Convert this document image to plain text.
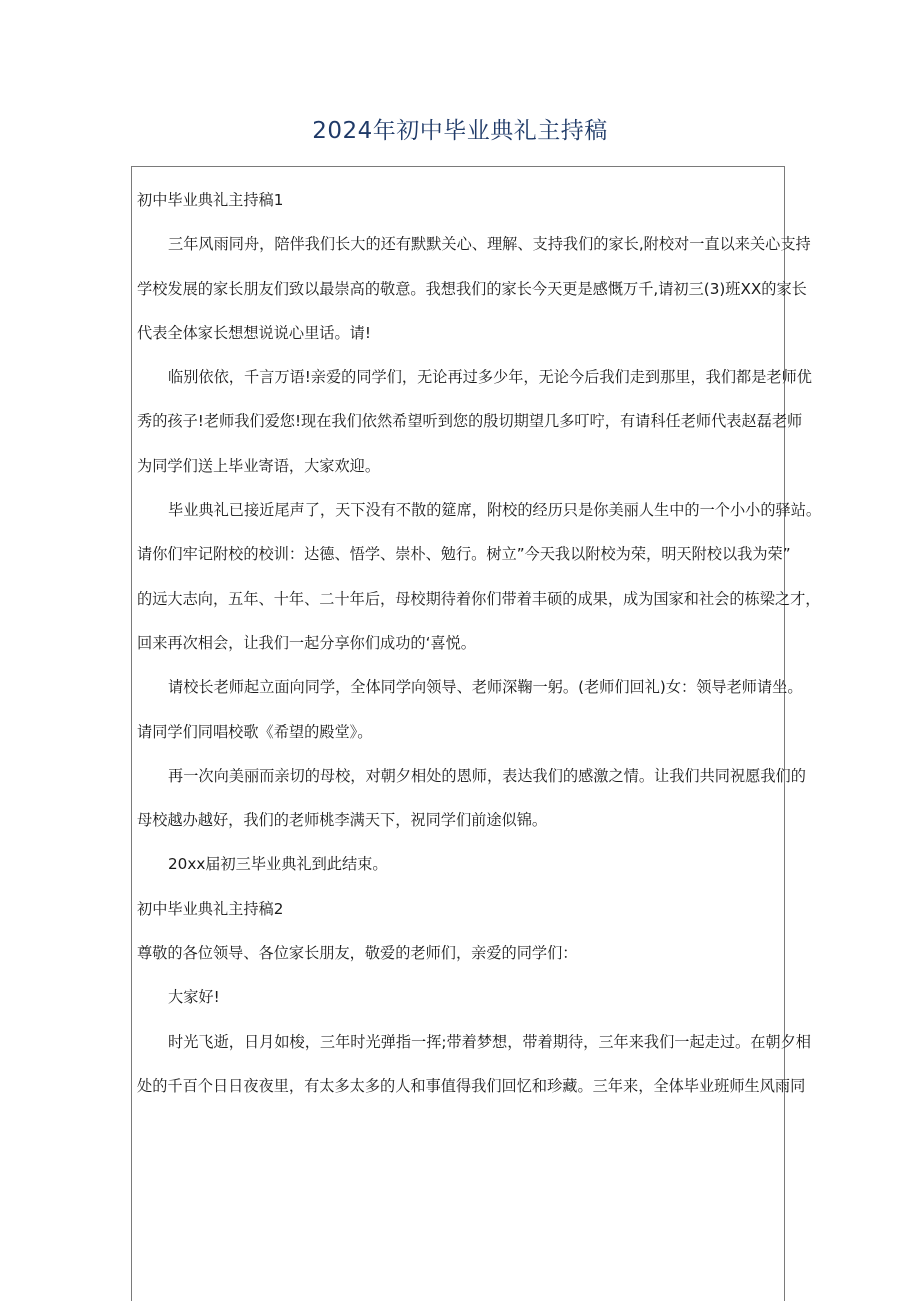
2024年初中毕业典礼主持稿

初中毕业典礼主持稿1

三年风雨同舟，陪伴我们长大的还有默默关心、理解、支持我们的家长,附校对一直以来关心支持

学校发展的家长朋友们致以最崇高的敬意。我想我们的家长今天更是感慨万千,请初三(3)班XX的家长

代表全体家长想想说说心里话。请!

临别依依，千言万语!亲爱的同学们，无论再过多少年，无论今后我们走到那里，我们都是老师优

秀的孩子!老师我们爱您!现在我们依然希望听到您的殷切期望几多叮咛，有请科任老师代表赵磊老师

为同学们送上毕业寄语，大家欢迎。

毕业典礼已接近尾声了，天下没有不散的筵席，附校的经历只是你美丽人生中的一个小小的驿站。

请你们牢记附校的校训：达德、悟学、崇朴、勉行。树立”今天我以附校为荣，明天附校以我为荣”

的远大志向，五年、十年、二十年后，母校期待着你们带着丰硕的成果，成为国家和社会的栋梁之才，

回来再次相会，让我们一起分享你们成功的‘喜悦。

请校长老师起立面向同学，全体同学向领导、老师深鞠一躬。(老师们回礼)女：领导老师请坐。

请同学们同唱校歌《希望的殿堂》。

再一次向美丽而亲切的母校，对朝夕相处的恩师，表达我们的感激之情。让我们共同祝愿我们的

母校越办越好，我们的老师桃李满天下，祝同学们前途似锦。

20xx届初三毕业典礼到此结束。

初中毕业典礼主持稿2

尊敬的各位领导、各位家长朋友，敬爱的老师们，亲爱的同学们：

大家好!

时光飞逝，日月如梭，三年时光弹指一挥;带着梦想，带着期待，三年来我们一起走过。在朝夕相

处的千百个日日夜夜里，有太多太多的人和事值得我们回忆和珍藏。三年来，全体毕业班师生风雨同
